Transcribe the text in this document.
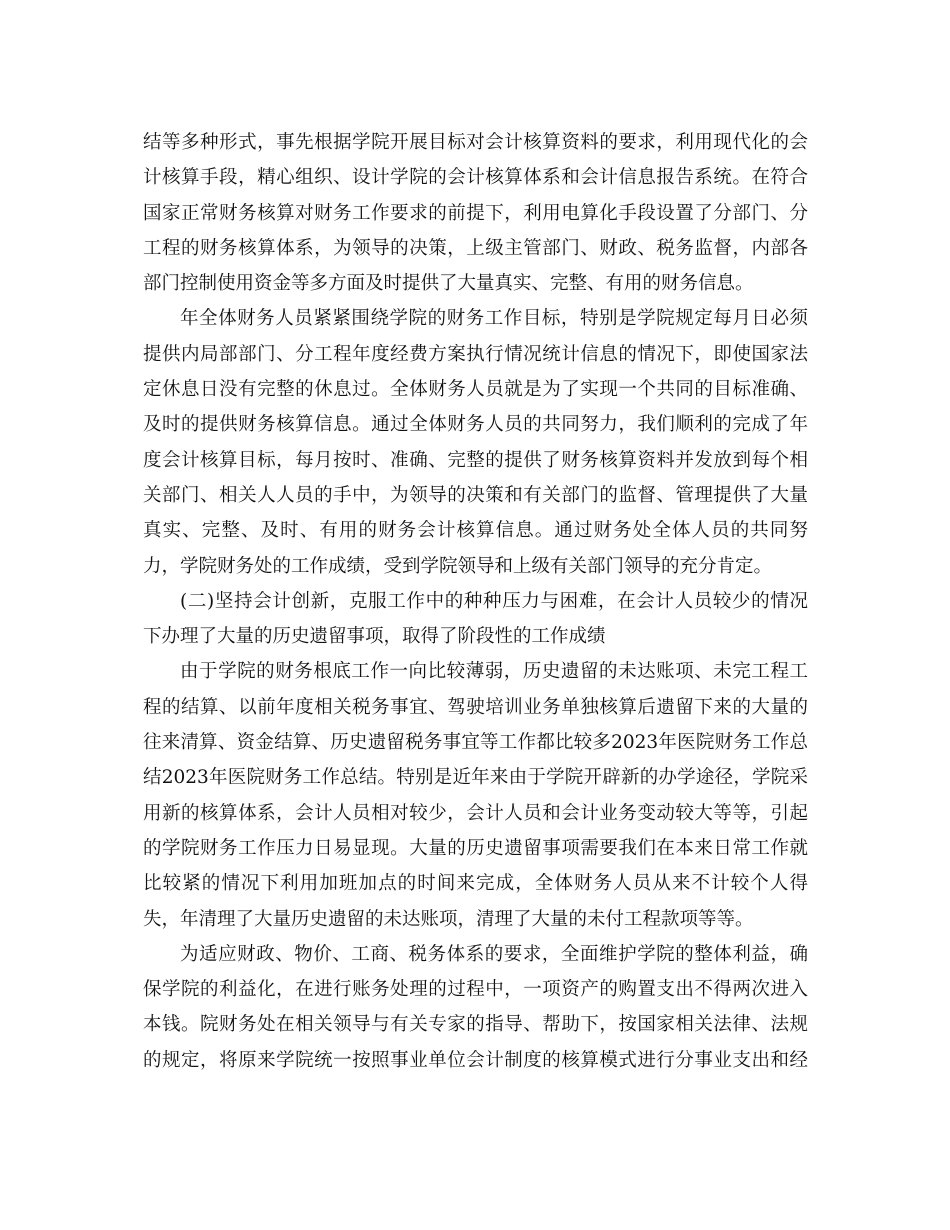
结等多种形式，事先根据学院开展目标对会计核算资料的要求，利用现代化的会
计核算手段，精心组织、设计学院的会计核算体系和会计信息报告系统。在符合
国家正常财务核算对财务工作要求的前提下，利用电算化手段设置了分部门、分
工程的财务核算体系，为领导的决策，上级主管部门、财政、税务监督，内部各
部门控制使用资金等多方面及时提供了大量真实、完整、有用的财务信息。
年全体财务人员紧紧围绕学院的财务工作目标，特别是学院规定每月日必须
提供内局部部门、分工程年度经费方案执行情况统计信息的情况下，即使国家法
定休息日没有完整的休息过。全体财务人员就是为了实现一个共同的目标准确、
及时的提供财务核算信息。通过全体财务人员的共同努力，我们顺利的完成了年
度会计核算目标，每月按时、准确、完整的提供了财务核算资料并发放到每个相
关部门、相关人人员的手中，为领导的决策和有关部门的监督、管理提供了大量
真实、完整、及时、有用的财务会计核算信息。通过财务处全体人员的共同努
力，学院财务处的工作成绩，受到学院领导和上级有关部门领导的充分肯定。
(二)坚持会计创新，克服工作中的种种压力与困难，在会计人员较少的情况
下办理了大量的历史遗留事项，取得了阶段性的工作成绩
由于学院的财务根底工作一向比较薄弱，历史遗留的未达账项、未完工程工
程的结算、以前年度相关税务事宜、驾驶培训业务单独核算后遗留下来的大量的
往来清算、资金结算、历史遗留税务事宜等工作都比较多2023年医院财务工作总
结2023年医院财务工作总结。特别是近年来由于学院开辟新的办学途径，学院采
用新的核算体系，会计人员相对较少，会计人员和会计业务变动较大等等，引起
的学院财务工作压力日易显现。大量的历史遗留事项需要我们在本来日常工作就
比较紧的情况下利用加班加点的时间来完成，全体财务人员从来不计较个人得
失，年清理了大量历史遗留的未达账项，清理了大量的未付工程款项等等。
为适应财政、物价、工商、税务体系的要求，全面维护学院的整体利益，确
保学院的利益化，在进行账务处理的过程中，一项资产的购置支出不得两次进入
本钱。院财务处在相关领导与有关专家的指导、帮助下，按国家相关法律、法规
的规定，将原来学院统一按照事业单位会计制度的核算模式进行分事业支出和经
